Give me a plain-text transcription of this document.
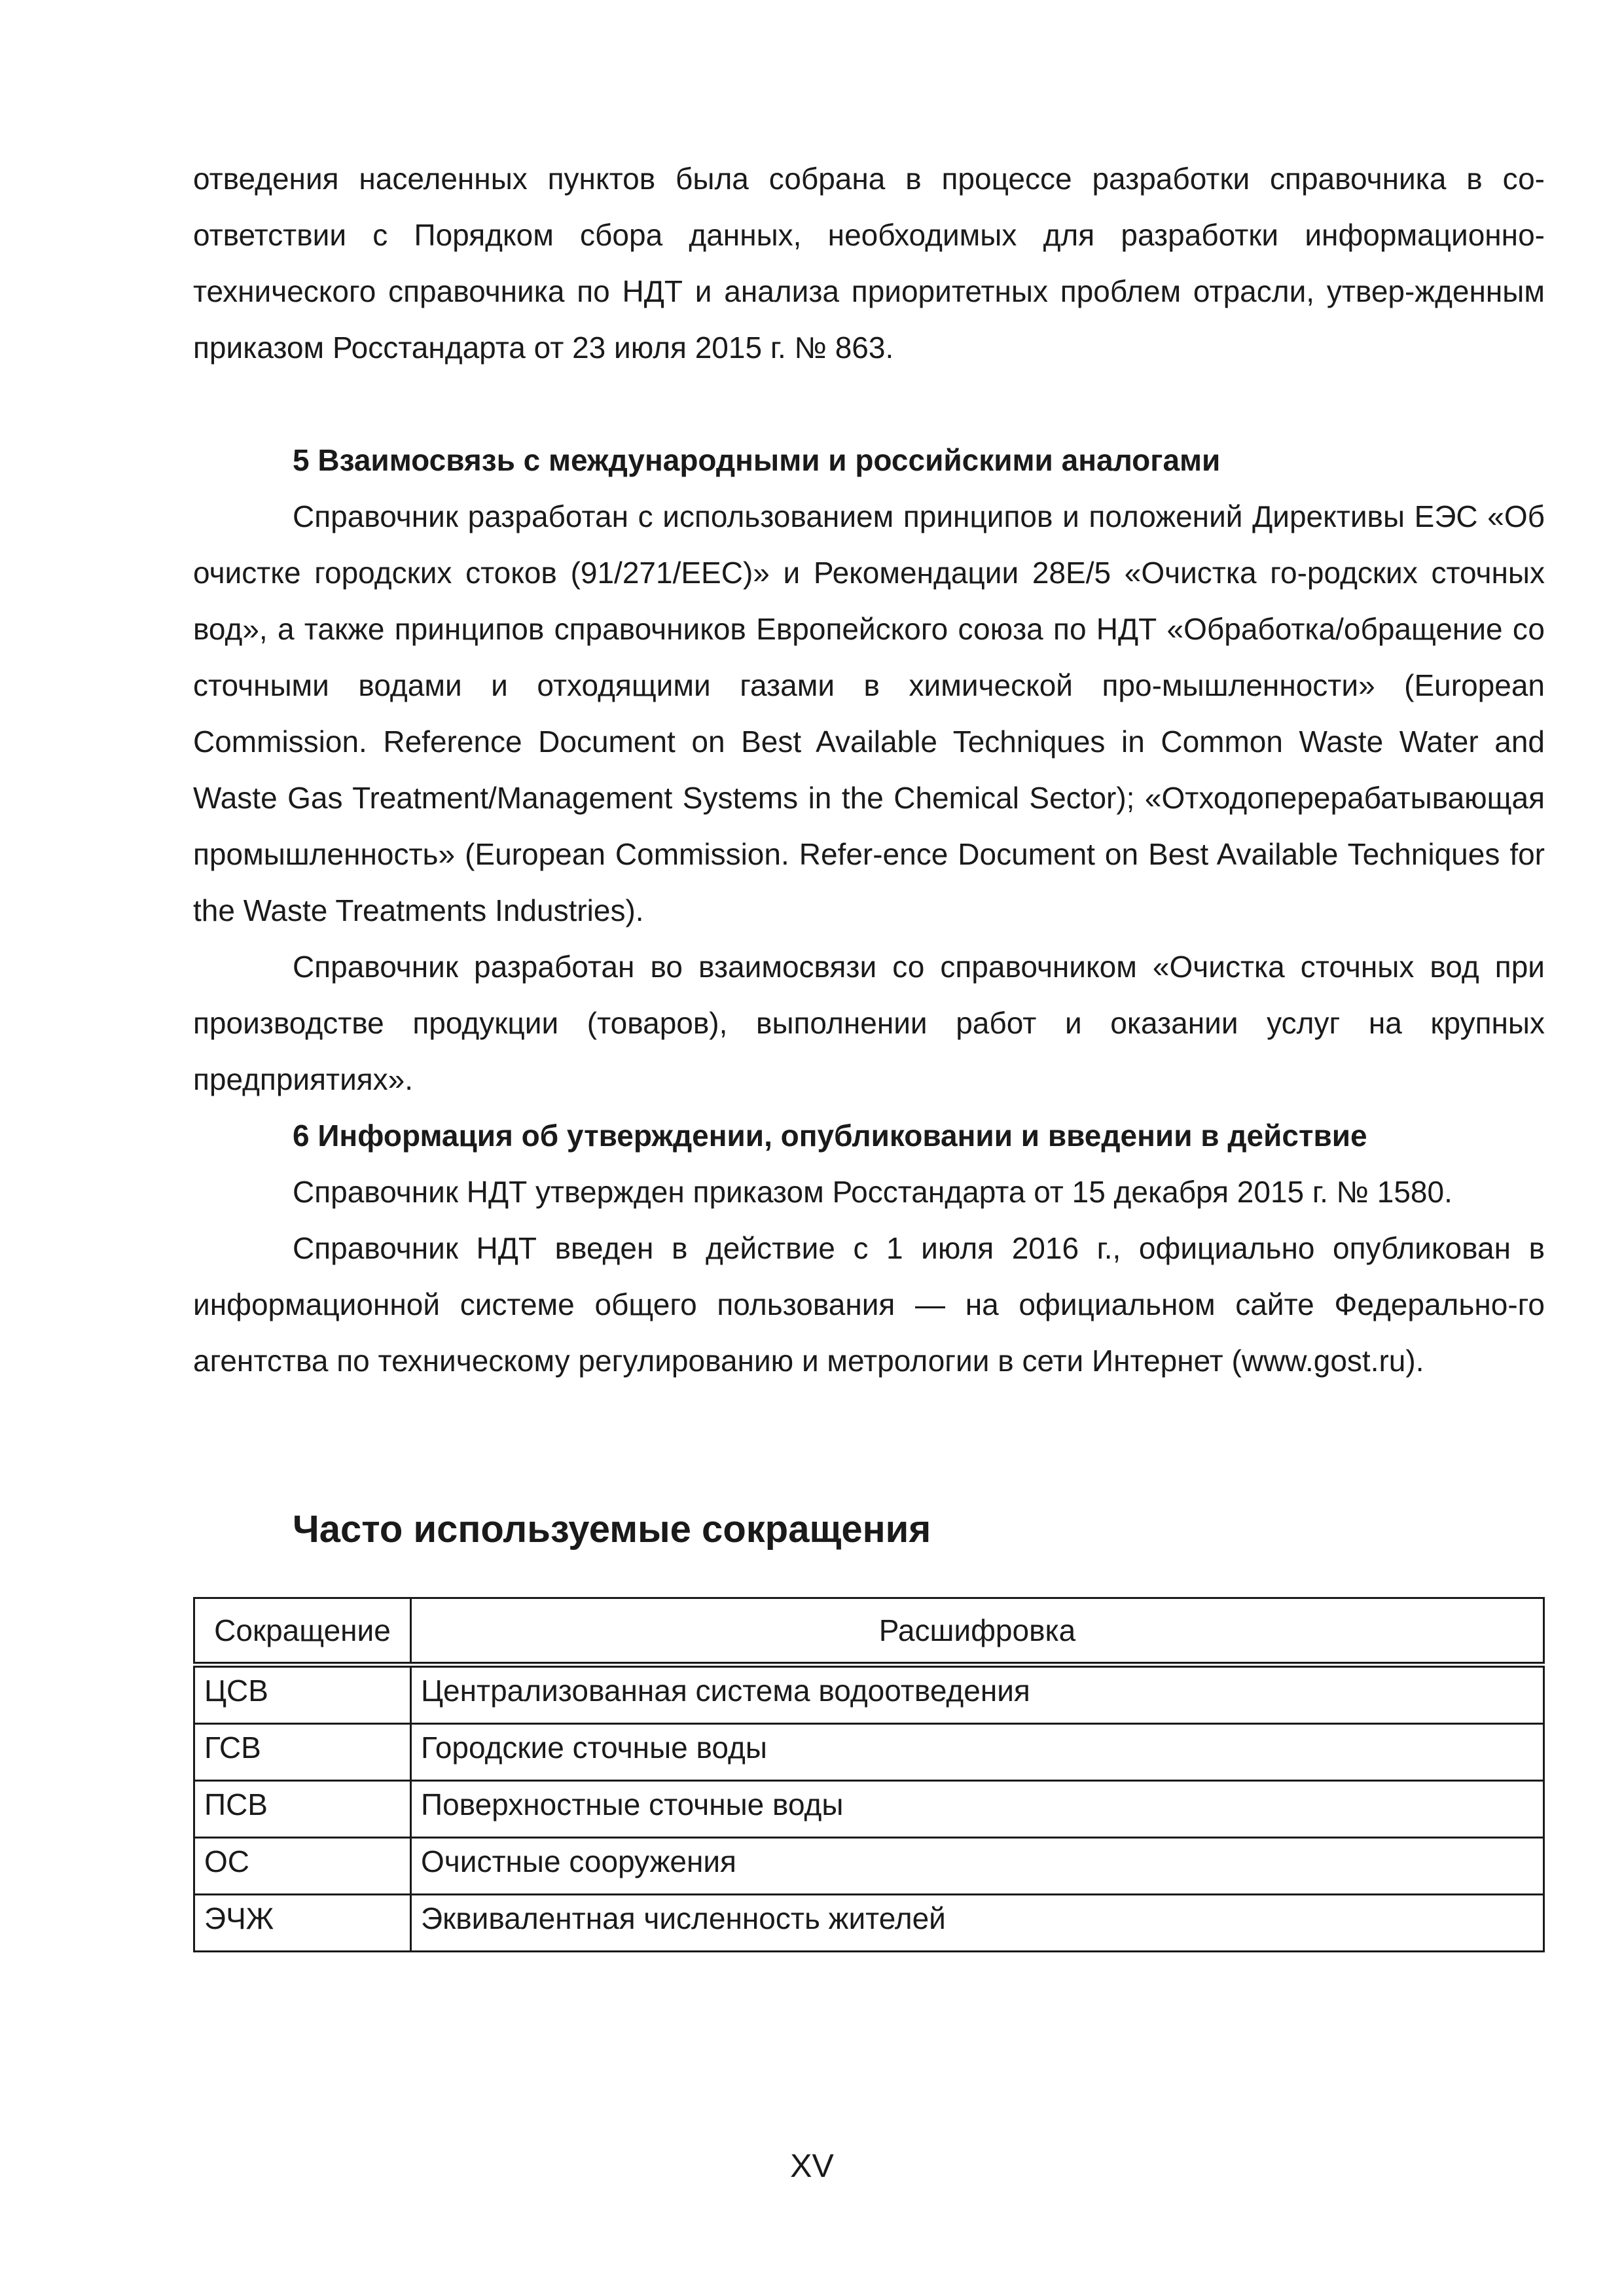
отведения населенных пунктов была собрана в процессе разработки справочника в со-ответствии с Порядком сбора данных, необходимых для разработки информационно-технического справочника по НДТ и анализа приоритетных проблем отрасли, утвер-жденным приказом Росстандарта от 23 июля 2015 г. № 863.

5 Взаимосвязь с международными и российскими аналогами

Справочник разработан с использованием принципов и положений Директивы ЕЭС «Об очистке городских стоков (91/271/ЕЕС)» и Рекомендации 28Е/5 «Очистка го-родских сточных вод», а также принципов справочников Европейского союза по НДТ «Обработка/обращение со сточными водами и отходящими газами в химической про-мышленности» (European Commission. Reference Document on Best Available Techniques in Common Waste Water and Waste Gas Treatment/Management Systems in the Chemical Sector); «Отходоперерабатывающая промышленность» (European Commission. Refer-ence Document on Best Available Techniques for the Waste Treatments Industries).

Справочник разработан во взаимосвязи со справочником «Очистка сточных вод при производстве продукции (товаров), выполнении работ и оказании услуг на крупных предприятиях».

6 Информация об утверждении, опубликовании и введении в действие

Справочник НДТ утвержден приказом Росстандарта от 15 декабря 2015 г. № 1580.

Справочник НДТ введен в действие с 1 июля 2016 г., официально опубликован в информационной системе общего пользования — на официальном сайте Федерально-го агентства по техническому регулированию и метрологии в сети Интернет (www.gost.ru).

Часто используемые сокращения

Сокращение	Расшифровка
ЦСВ	Централизованная система водоотведения
ГСВ	Городские сточные воды
ПСВ	Поверхностные сточные воды
ОС	Очистные сооружения
ЭЧЖ	Эквивалентная численность жителей
XV
